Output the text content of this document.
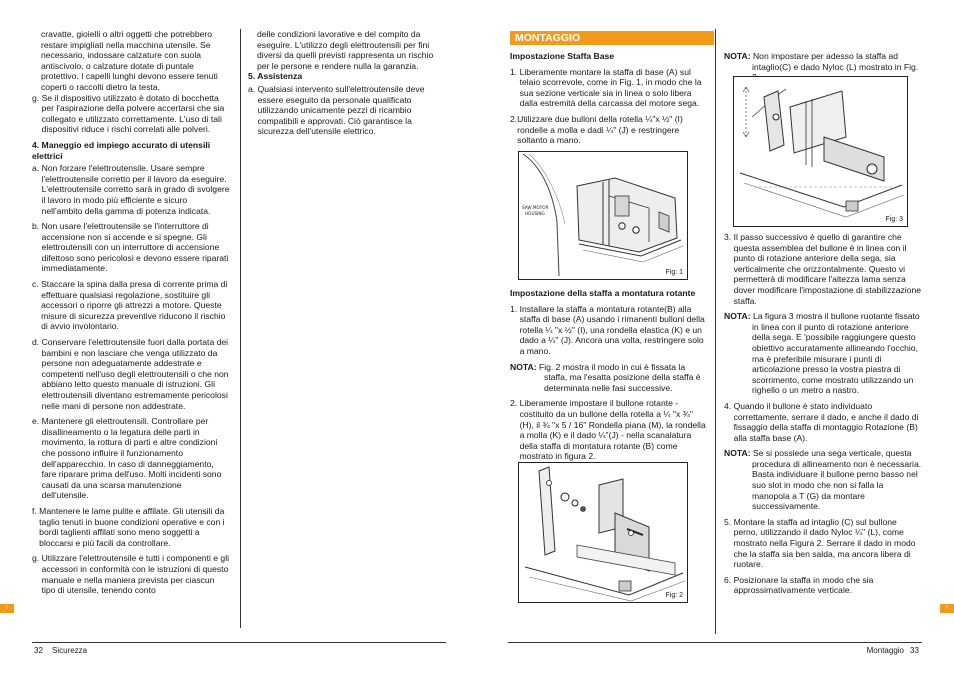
cravatte, gioielli o altri oggetti che potrebbero restare impigliati nella macchina utensile. Se necessario, indossare calzature con suola antiscivolo, o calzature dotate di puntale protettivo. I capelli lunghi devono essere tenuti coperti o raccolti dietro la testa.

g. Se il dispositivo utilizzato è dotato di bocchetta per l'aspirazione della polvere accertarsi che sia collegato e utilizzato correttamente. L'uso di tali dispositivi riduce i rischi correlati alle polveri.
4. Maneggio ed impiego accurato di utensili elettrici
a. Non forzare l'elettroutensile. Usare sempre l'elettroutensile corretto per il lavoro da eseguire. L'elettroutensile corretto sarà in grado di svolgere il lavoro in modo più efficiente e sicuro nell'ambito della gamma di potenza indicata.
b. Non usare l'elettroutensile se l'interruttore di accensione non si accende e si spegne. Gli elettroutensili con un interruttore di accensione difettoso sono pericolosi e devono essere riparati immediatamente.
c. Staccare la spina dalla presa di corrente prima di effettuare qualsiasi regolazione, sostituire gli accessori o riporre gli attrezzi a motore. Queste misure di sicurezza preventive riducono il rischio di avvio involontario.
d. Conservare l'elettroutensile fuori dalla portata dei bambini e non lasciare che venga utilizzato da persone non adeguatamente addestrate e competenti nell'uso degli elettroutensili o che non abbiano letto questo manuale di istruzioni. Gli elettroutensili diventano estremamente pericolosi nelle mani di persone non addestrate.
e. Mantenere gli elettroutensili. Controllare per disallineamento o la legatura delle parti in movimento, la rottura di parti e altre condizioni che possono influire il funzionamento dell'apparecchio. In caso di danneggiamento, fare riparare prima dell'uso. Molti incidenti sono causati da una scarsa manutenzione dell'utensile.
f. Mantenere le lame pulite e affilate. Gli utensili da taglio tenuti in buone condizioni operative e con i bordi taglienti affilati sono meno soggetti a bloccarsi e più facili da controllare.
g. Utilizzare l'elettroutensile e tutti i componenti e gli accessori in conformità con le istruzioni di questo manuale e nella maniera prevista per ciascun tipo di utensile, tenendo conto

delle condizioni lavorative e del compito da eseguire. L'utilizzo degli elettroutensili per fini diversi da quelli previsti rappresenta un rischio per le persone e rendere nulla la garanzia.

5. Assistenza
a. Qualsiasi intervento sull'elettroutensile deve essere eseguito da personale qualificato utilizzando unicamente pezzi di ricambio compatibili e approvati. Ciò garantisce la sicurezza dell'utensile elettrico.
I
32 Sicurezza
MONTAGGIO
Impostazione Staffa Base
1. Liberamente montare la staffa di base (A) sul telaio scorrevole, come in Fig. 1, in modo che la sua sezione verticale sia in linea o solo libera dalla estremità della carcassa del motore sega.
2. Utilizzare due bulloni della rotella ¼"x ½" (I) rondelle a molla e dadi ¼" (J) e restringere soltanto a mano.
SAW MOTOR
HOUSING
Fig: 1
Impostazione della staffa a montatura rotante
1. Installare la staffa a montatura rotante(B) alla staffa di base (A) usando i rimanenti bulloni della rotella ¼ "x ½" (I), una rondella elastica (K) e un dado a ¼" (J). Ancora una volta, restringere solo a mano.
NOTA: Fig. 2 mostra il modo in cui è fissata la staffa, ma l'esatta posizione della staffa è determinata nelle fasi successive.
2. Liberamente impostare il bullone rotante - costituito da un bullone della rotella a ¼ "x ¾" (H), il ¾ "x 5 / 16" Rondella piana (M), la rondella a molla (K) e il dado ¼"(J) - nella scanalatura della staffa di montatura rotante (B) come mostrato in figura 2.
Fig: 2
NOTA: Non impostare per adesso la staffa ad intaglio(C) e dado Nyloc (L) mostrato in Fig.
Fig: 3
3. Il passo successivo è quello di garantire che questa assemblea del bullone è in linea con il punto di rotazione anteriore della sega, sia verticalmente che orizzontalmente. Questo vi permetterà di modificare l'altezza lama senza dover modificare l'impostazione di stabilizzazione staffa.
NOTA: La figura 3 mostra il bullone ruotante fissato in linea con il punto di rotazione anteriore della sega. E 'possibile raggiungere questo obiettivo accuratamente allineando l'occhio, ma è preferibile misurare i punti di articolazione presso la vostra piastra di scorrimento, come mostrato utilizzando un righello o un metro a nastro.
4. Quando il bullone è stato individuato correttamente, serrare il dado, e anche il dado di fissaggio della staffa di montaggio Rotazione (B) alla staffa base (A).
NOTA: Se si possiede una sega verticale, questa procedura di allineamento non è necessaria. Basta individuare il bullone perno basso nel suo slot in modo che non si falla la manopola a T (G) da montare successivamente.
5. Montare la staffa ad intaglio (C) sul bullone perno, utilizzando il dado Nyloc ¼" (L), come mostrato nella Figura 2. Serrare il dado in modo che la staffa sia ben salda, ma ancora libera di ruotare.
6. Posizionare la staffa in modo che sia approssimativamente verticale.
I
Montaggio 33
